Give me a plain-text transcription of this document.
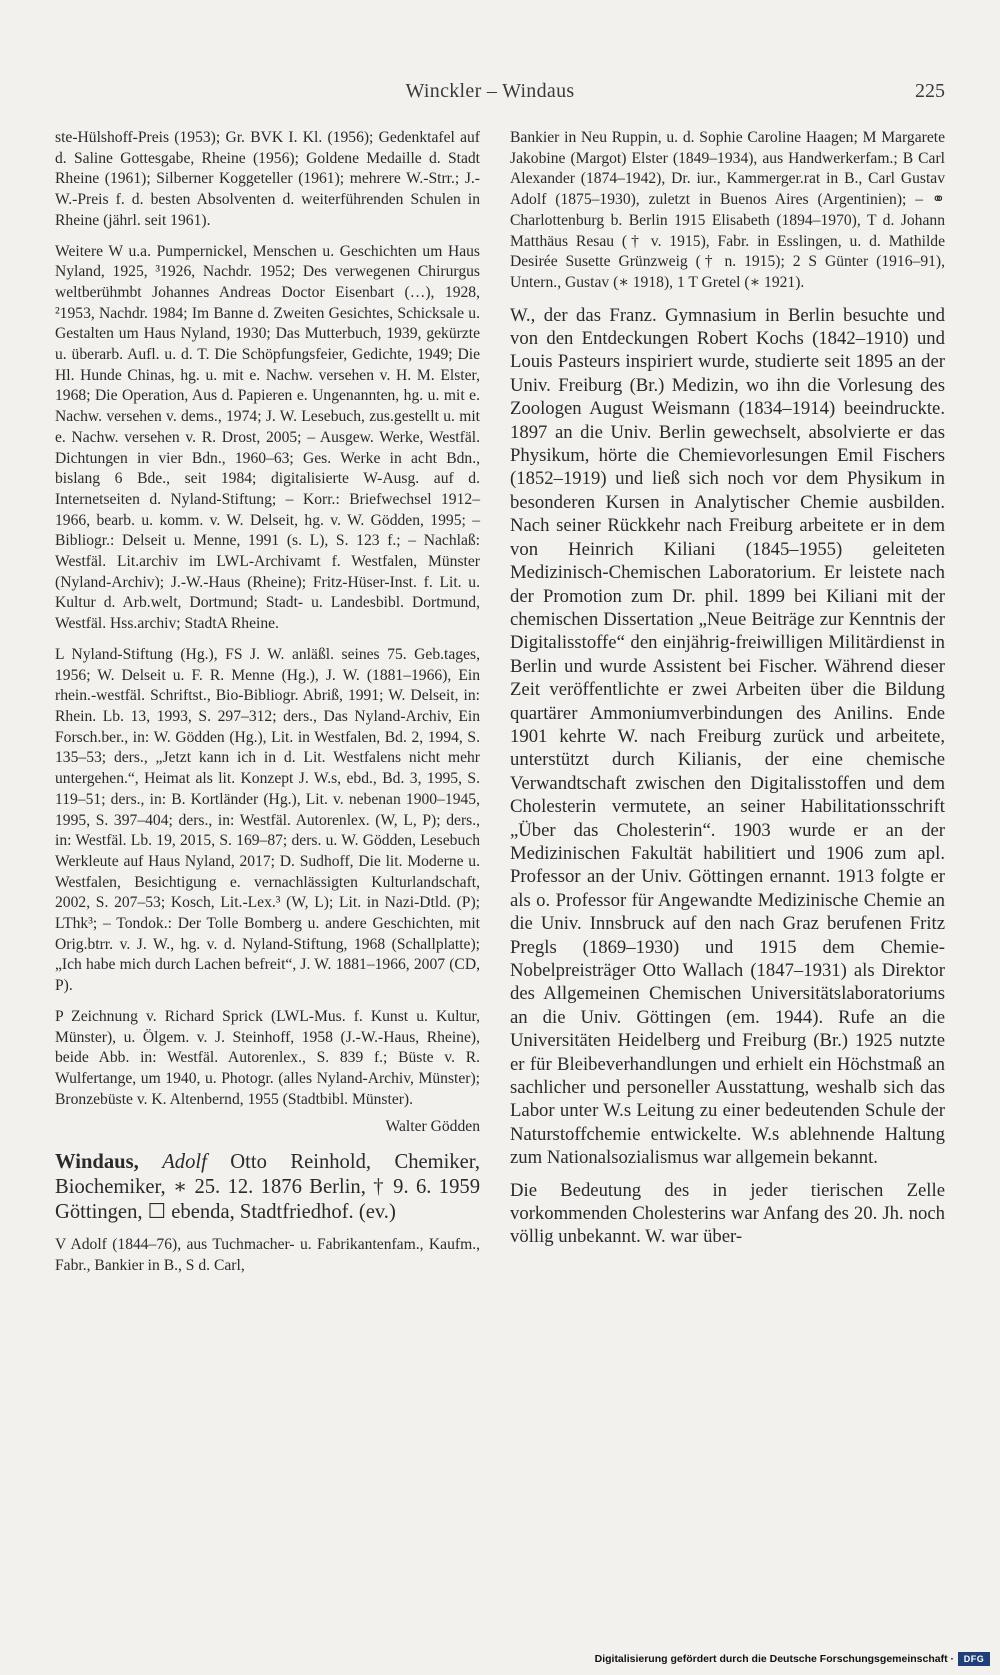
Winckler – Windaus	225

ste-Hülshoff-Preis (1953); Gr. BVK I. Kl. (1956); Gedenktafel auf d. Saline Gottesgabe, Rheine (1956); Goldene Medaille d. Stadt Rheine (1961); Silberner Koggeteller (1961); mehrere W.-Strr.; J.-W.-Preis f. d. besten Absolventen d. weiterführenden Schulen in Rheine (jährl. seit 1961).

Weitere W u.a. Pumpernickel, Menschen u. Geschichten um Haus Nyland, 1925, ³1926, Nachdr. 1952; Des verwegenen Chirurgus weltberühmbt Johannes Andreas Doctor Eisenbart (…), 1928, ²1953, Nachdr. 1984; Im Banne d. Zweiten Gesichtes, Schicksale u. Gestalten um Haus Nyland, 1930; Das Mutterbuch, 1939, gekürzte u. überarb. Aufl. u. d. T. Die Schöpfungsfeier, Gedichte, 1949; Die Hl. Hunde Chinas, hg. u. mit e. Nachw. versehen v. H. M. Elster, 1968; Die Operation, Aus d. Papieren e. Ungenannten, hg. u. mit e. Nachw. versehen v. dems., 1974; J. W. Lesebuch, zus.gestellt u. mit e. Nachw. versehen v. R. Drost, 2005; – Ausgew. Werke, Westfäl. Dichtungen in vier Bdn., 1960–63; Ges. Werke in acht Bdn., bislang 6 Bde., seit 1984; digitalisierte W-Ausg. auf d. Internetseiten d. Nyland-Stiftung; – Korr.: Briefwechsel 1912–1966, bearb. u. komm. v. W. Delseit, hg. v. W. Gödden, 1995; – Bibliogr.: Delseit u. Menne, 1991 (s. L), S. 123 f.; – Nachlaß: Westfäl. Lit.archiv im LWL-Archivamt f. Westfalen, Münster (Nyland-Archiv); J.-W.-Haus (Rheine); Fritz-Hüser-Inst. f. Lit. u. Kultur d. Arb.welt, Dortmund; Stadt- u. Landesbibl. Dortmund, Westfäl. Hss.archiv; StadtA Rheine.

L Nyland-Stiftung (Hg.), FS J. W. anläßl. seines 75. Geb.tages, 1956; W. Delseit u. F. R. Menne (Hg.), J. W. (1881–1966), Ein rhein.-westfäl. Schriftst., Bio-Bibliogr. Abriß, 1991; W. Delseit, in: Rhein. Lb. 13, 1993, S. 297–312; ders., Das Nyland-Archiv, Ein Forsch.ber., in: W. Gödden (Hg.), Lit. in Westfalen, Bd. 2, 1994, S. 135–53; ders., „Jetzt kann ich in d. Lit. Westfalens nicht mehr untergehen.“, Heimat als lit. Konzept J. W.s, ebd., Bd. 3, 1995, S. 119–51; ders., in: B. Kortländer (Hg.), Lit. v. nebenan 1900–1945, 1995, S. 397–404; ders., in: Westfäl. Autorenlex. (W, L, P); ders., in: Westfäl. Lb. 19, 2015, S. 169–87; ders. u. W. Gödden, Lesebuch Werkleute auf Haus Nyland, 2017; D. Sudhoff, Die lit. Moderne u. Westfalen, Besichtigung e. vernachlässigten Kulturlandschaft, 2002, S. 207–53; Kosch, Lit.-Lex.³ (W, L); Lit. in Nazi-Dtld. (P); LThk³; – Tondok.: Der Tolle Bomberg u. andere Geschichten, mit Orig.btrr. v. J. W., hg. v. d. Nyland-Stiftung, 1968 (Schallplatte); „Ich habe mich durch Lachen befreit“, J. W. 1881–1966, 2007 (CD, P).

P Zeichnung v. Richard Sprick (LWL-Mus. f. Kunst u. Kultur, Münster), u. Ölgem. v. J. Steinhoff, 1958 (J.-W.-Haus, Rheine), beide Abb. in: Westfäl. Autorenlex., S. 839 f.; Büste v. R. Wulfertange, um 1940, u. Photogr. (alles Nyland-Archiv, Münster); Bronzebüste v. K. Altenbernd, 1955 (Stadtbibl. Münster).

Walter Gödden

Windaus, Adolf Otto Reinhold, Chemiker, Biochemiker, ∗ 25. 12. 1876 Berlin, † 9. 6. 1959 Göttingen, ☐ ebenda, Stadtfriedhof. (ev.)

V Adolf (1844–76), aus Tuchmacher- u. Fabrikantenfam., Kaufm., Fabr., Bankier in B., S d. Carl,

Bankier in Neu Ruppin, u. d. Sophie Caroline Haagen; M Margarete Jakobine (Margot) Elster (1849–1934), aus Handwerkerfam.; B Carl Alexander (1874–1942), Dr. iur., Kammerger.rat in B., Carl Gustav Adolf (1875–1930), zuletzt in Buenos Aires (Argentinien); – ⚭ Charlottenburg b. Berlin 1915 Elisabeth (1894–1970), T d. Johann Matthäus Resau († v. 1915), Fabr. in Esslingen, u. d. Mathilde Desirée Susette Grünzweig († n. 1915); 2 S Günter (1916–91), Untern., Gustav (∗ 1918), 1 T Gretel (∗ 1921).

W., der das Franz. Gymnasium in Berlin besuchte und von den Entdeckungen Robert Kochs (1842–1910) und Louis Pasteurs inspiriert wurde, studierte seit 1895 an der Univ. Freiburg (Br.) Medizin, wo ihn die Vorlesung des Zoologen August Weismann (1834–1914) beeindruckte. 1897 an die Univ. Berlin gewechselt, absolvierte er das Physikum, hörte die Chemievorlesungen Emil Fischers (1852–1919) und ließ sich noch vor dem Physikum in besonderen Kursen in Analytischer Chemie ausbilden. Nach seiner Rückkehr nach Freiburg arbeitete er in dem von Heinrich Kiliani (1845–1955) geleiteten Medizinisch-Chemischen Laboratorium. Er leistete nach der Promotion zum Dr. phil. 1899 bei Kiliani mit der chemischen Dissertation „Neue Beiträge zur Kenntnis der Digitalisstoffe“ den einjährig-freiwilligen Militärdienst in Berlin und wurde Assistent bei Fischer. Während dieser Zeit veröffentlichte er zwei Arbeiten über die Bildung quartärer Ammoniumverbindungen des Anilins. Ende 1901 kehrte W. nach Freiburg zurück und arbeitete, unterstützt durch Kilianis, der eine chemische Verwandtschaft zwischen den Digitalisstoffen und dem Cholesterin vermutete, an seiner Habilitationsschrift „Über das Cholesterin“. 1903 wurde er an der Medizinischen Fakultät habilitiert und 1906 zum apl. Professor an der Univ. Göttingen ernannt. 1913 folgte er als o. Professor für Angewandte Medizinische Chemie an die Univ. Innsbruck auf den nach Graz berufenen Fritz Pregls (1869–1930) und 1915 dem Chemie-Nobelpreisträger Otto Wallach (1847–1931) als Direktor des Allgemeinen Chemischen Universitätslaboratoriums an die Univ. Göttingen (em. 1944). Rufe an die Universitäten Heidelberg und Freiburg (Br.) 1925 nutzte er für Bleibeverhandlungen und erhielt ein Höchstmaß an sachlicher und personeller Ausstattung, weshalb sich das Labor unter W.s Leitung zu einer bedeutenden Schule der Naturstoffchemie entwickelte. W.s ablehnende Haltung zum Nationalsozialismus war allgemein bekannt.

Die Bedeutung des in jeder tierischen Zelle vorkommenden Cholesterins war Anfang des 20. Jh. noch völlig unbekannt. W. war über-

Digitalisierung gefördert durch die Deutsche Forschungsgemeinschaft ·	DFG
